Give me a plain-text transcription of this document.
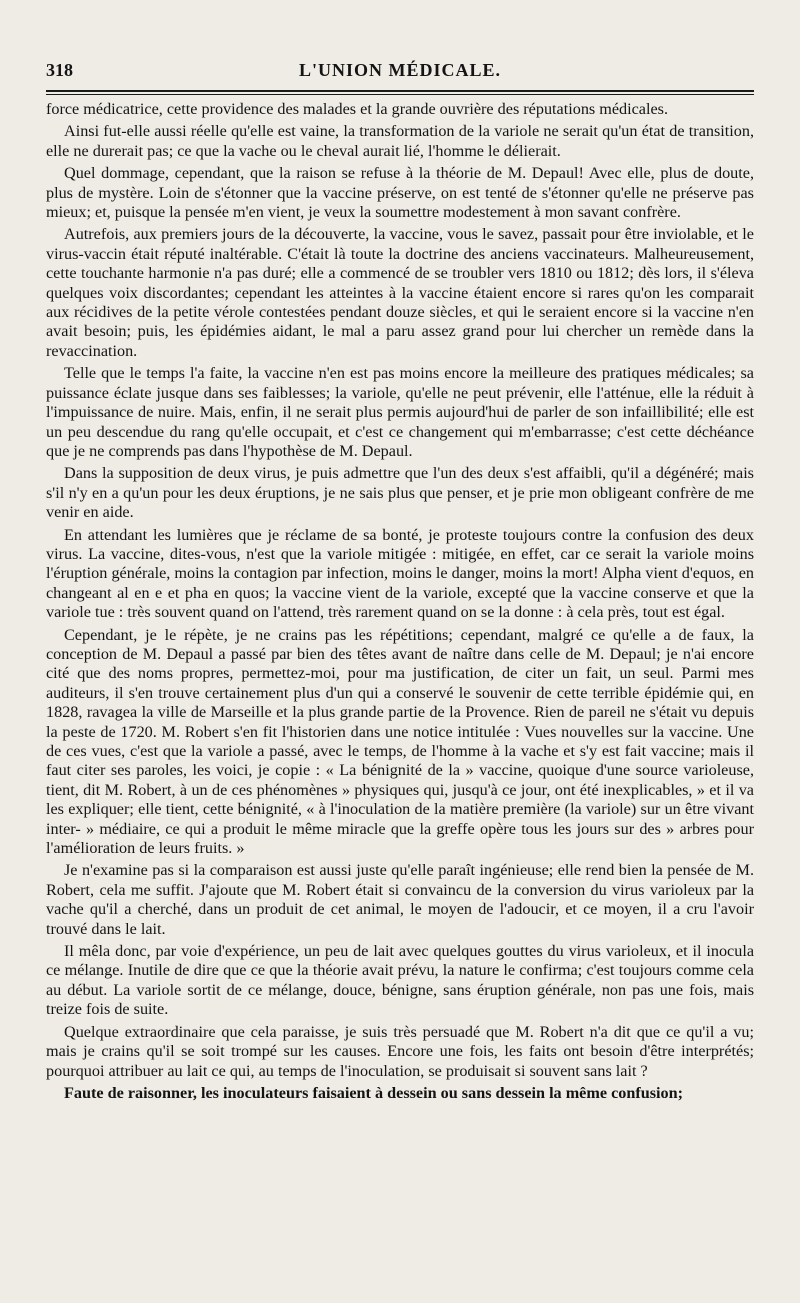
318	L'UNION MÉDICALE.

force médicatrice, cette providence des malades et la grande ouvrière des réputations médicales.

Ainsi fut-elle aussi réelle qu'elle est vaine, la transformation de la variole ne serait qu'un état de transition, elle ne durerait pas; ce que la vache ou le cheval aurait lié, l'homme le délierait.

Quel dommage, cependant, que la raison se refuse à la théorie de M. Depaul! Avec elle, plus de doute, plus de mystère. Loin de s'étonner que la vaccine préserve, on est tenté de s'étonner qu'elle ne préserve pas mieux; et, puisque la pensée m'en vient, je veux la soumettre modestement à mon savant confrère.

Autrefois, aux premiers jours de la découverte, la vaccine, vous le savez, passait pour être inviolable, et le virus-vaccin était réputé inaltérable. C'était là toute la doctrine des anciens vaccinateurs. Malheureusement, cette touchante harmonie n'a pas duré; elle a commencé de se troubler vers 1810 ou 1812; dès lors, il s'éleva quelques voix discordantes; cependant les atteintes à la vaccine étaient encore si rares qu'on les comparait aux récidives de la petite vérole contestées pendant douze siècles, et qui le seraient encore si la vaccine n'en avait besoin; puis, les épidémies aidant, le mal a paru assez grand pour lui chercher un remède dans la revaccination.

Telle que le temps l'a faite, la vaccine n'en est pas moins encore la meilleure des pratiques médicales; sa puissance éclate jusque dans ses faiblesses; la variole, qu'elle ne peut prévenir, elle l'atténue, elle la réduit à l'impuissance de nuire. Mais, enfin, il ne serait plus permis aujourd'hui de parler de son infaillibilité; elle est un peu descendue du rang qu'elle occupait, et c'est ce changement qui m'embarrasse; c'est cette déchéance que je ne comprends pas dans l'hypothèse de M. Depaul.

Dans la supposition de deux virus, je puis admettre que l'un des deux s'est affaibli, qu'il a dégénéré; mais s'il n'y en a qu'un pour les deux éruptions, je ne sais plus que penser, et je prie mon obligeant confrère de me venir en aide.

En attendant les lumières que je réclame de sa bonté, je proteste toujours contre la confusion des deux virus. La vaccine, dites-vous, n'est que la variole mitigée : mitigée, en effet, car ce serait la variole moins l'éruption générale, moins la contagion par infection, moins le danger, moins la mort! Alpha vient d'equos, en changeant al en e et pha en quos; la vaccine vient de la variole, excepté que la vaccine conserve et que la variole tue : très souvent quand on l'attend, très rarement quand on se la donne : à cela près, tout est égal.

Cependant, je le répète, je ne crains pas les répétitions; cependant, malgré ce qu'elle a de faux, la conception de M. Depaul a passé par bien des têtes avant de naître dans celle de M. Depaul; je n'ai encore cité que des noms propres, permettez-moi, pour ma justification, de citer un fait, un seul. Parmi mes auditeurs, il s'en trouve certainement plus d'un qui a conservé le souvenir de cette terrible épidémie qui, en 1828, ravagea la ville de Marseille et la plus grande partie de la Provence. Rien de pareil ne s'était vu depuis la peste de 1720. M. Robert s'en fit l'historien dans une notice intitulée : Vues nouvelles sur la vaccine. Une de ces vues, c'est que la variole a passé, avec le temps, de l'homme à la vache et s'y est fait vaccine; mais il faut citer ses paroles, les voici, je copie : « La bénignité de la » vaccine, quoique d'une source varioleuse, tient, dit M. Robert, à un de ces phénomènes » physiques qui, jusqu'à ce jour, ont été inexplicables, » et il va les expliquer; elle tient, cette bénignité, « à l'inoculation de la matière première (la variole) sur un être vivant inter- » médiaire, ce qui a produit le même miracle que la greffe opère tous les jours sur des » arbres pour l'amélioration de leurs fruits. »

Je n'examine pas si la comparaison est aussi juste qu'elle paraît ingénieuse; elle rend bien la pensée de M. Robert, cela me suffit. J'ajoute que M. Robert était si convaincu de la conversion du virus varioleux par la vache qu'il a cherché, dans un produit de cet animal, le moyen de l'adoucir, et ce moyen, il a cru l'avoir trouvé dans le lait.

Il mêla donc, par voie d'expérience, un peu de lait avec quelques gouttes du virus varioleux, et il inocula ce mélange. Inutile de dire que ce que la théorie avait prévu, la nature le confirma; c'est toujours comme cela au début. La variole sortit de ce mélange, douce, bénigne, sans éruption générale, non pas une fois, mais treize fois de suite.

Quelque extraordinaire que cela paraisse, je suis très persuadé que M. Robert n'a dit que ce qu'il a vu; mais je crains qu'il se soit trompé sur les causes. Encore une fois, les faits ont besoin d'être interprétés; pourquoi attribuer au lait ce qui, au temps de l'inoculation, se produisait si souvent sans lait ?

Faute de raisonner, les inoculateurs faisaient à dessein ou sans dessein la même confusion;
